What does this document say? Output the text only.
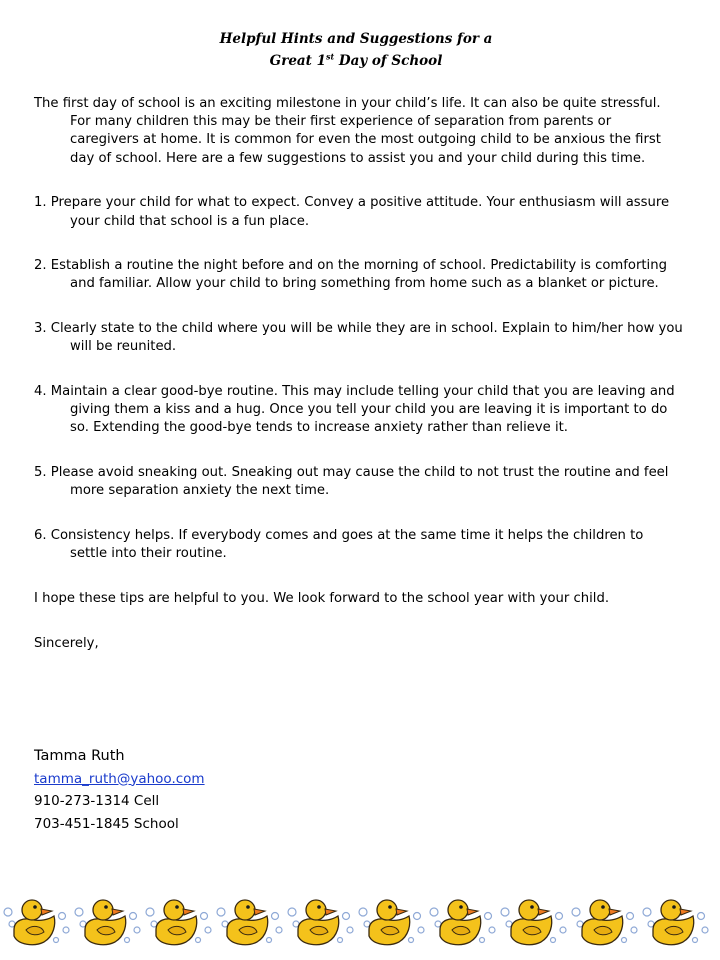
Helpful Hints and Suggestions for a
Great 1st Day of School

The first day of school is an exciting milestone in your child’s life. It can also be quite stressful. For many children this may be their first experience of separation from parents or caregivers at home. It is common for even the most outgoing child to be anxious the first day of school. Here are a few suggestions to assist you and your child during this time.

1. Prepare your child for what to expect. Convey a positive attitude. Your enthusiasm will assure your child that school is a fun place.

2. Establish a routine the night before and on the morning of school. Predictability is comforting and familiar. Allow your child to bring something from home such as a blanket or picture.

3. Clearly state to the child where you will be while they are in school. Explain to him/her how you will be reunited.

4. Maintain a clear good-bye routine. This may include telling your child that you are leaving and giving them a kiss and a hug. Once you tell your child you are leaving it is important to do so. Extending the good-bye tends to increase anxiety rather than relieve it.

5. Please avoid sneaking out. Sneaking out may cause the child to not trust the routine and feel more separation anxiety the next time.

6. Consistency helps. If everybody comes and goes at the same time it helps the children to settle into their routine.

I hope these tips are helpful to you. We look forward to the school year with your child.

Sincerely,

Tamma Ruth
tamma_ruth@yahoo.com
910-273-1314 Cell
703-451-1845 School
